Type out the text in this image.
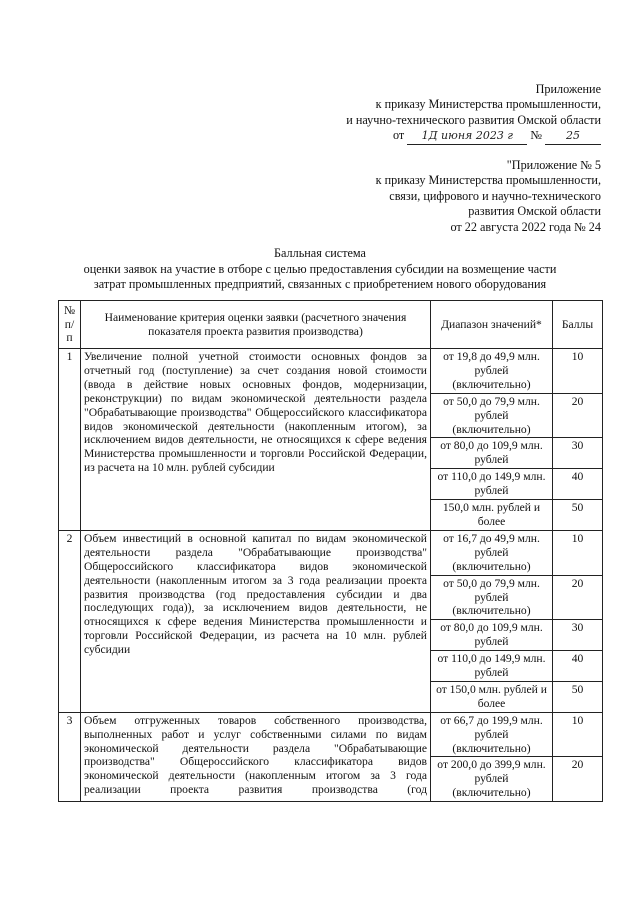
Приложение
к приказу Министерства промышленности,
и научно-технического развития Омской области
от 1Д июня 2023 г № 25
"Приложение № 5
к приказу Министерства промышленности,
связи, цифрового и научно-технического
развития Омской области
от 22 августа 2022 года № 24
Балльная система
оценки заявок на участие в отборе с целью предоставления субсидии на возмещение части
затрат промышленных предприятий, связанных с приобретением нового оборудования
№ п/п	Наименование критерия оценки заявки (расчетного значения показателя проекта развития производства)	Диапазон значений*	Баллы
1	Увеличение полной учетной стоимости основных фондов за отчетный год (поступление) за счет создания новой стоимости (ввода в действие новых основных фондов, модернизации, реконструкции) по видам экономической деятельности раздела "Обрабатывающие производства" Общероссийского классификатора видов экономической деятельности (накопленным итогом), за исключением видов деятельности, не относящихся к сфере ведения Министерства промышленности и торговли Российской Федерации, из расчета на 10 млн. рублей субсидии	от 19,8 до 49,9 млн. рублей (включительно)	10
		от 50,0 до 79,9 млн. рублей (включительно)	20
		от 80,0 до 109,9 млн. рублей	30
		от 110,0 до 149,9 млн. рублей	40
		150,0 млн. рублей и более	50
2	Объем инвестиций в основной капитал по видам экономической деятельности раздела "Обрабатывающие производства" Общероссийского классификатора видов экономической деятельности (накопленным итогом за 3 года реализации проекта развития производства (год предоставления субсидии и два последующих года)), за исключением видов деятельности, не относящихся к сфере ведения Министерства промышленности и торговли Российской Федерации, из расчета на 10 млн. рублей субсидии	от 16,7 до 49,9 млн. рублей (включительно)	10
		от 50,0 до 79,9 млн. рублей (включительно)	20
		от 80,0 до 109,9 млн. рублей	30
		от 110,0 до 149,9 млн. рублей	40
		от 150,0 млн. рублей и более	50
3	Объем отгруженных товаров собственного производства, выполненных работ и услуг собственными силами по видам экономической деятельности раздела "Обрабатывающие производства" Общероссийского классификатора видов экономической деятельности (накопленным итогом за 3 года реализации проекта развития производства (год	от 66,7 до 199,9 млн. рублей (включительно)	10
		от 200,0 до 399,9 млн. рублей (включительно)	20
